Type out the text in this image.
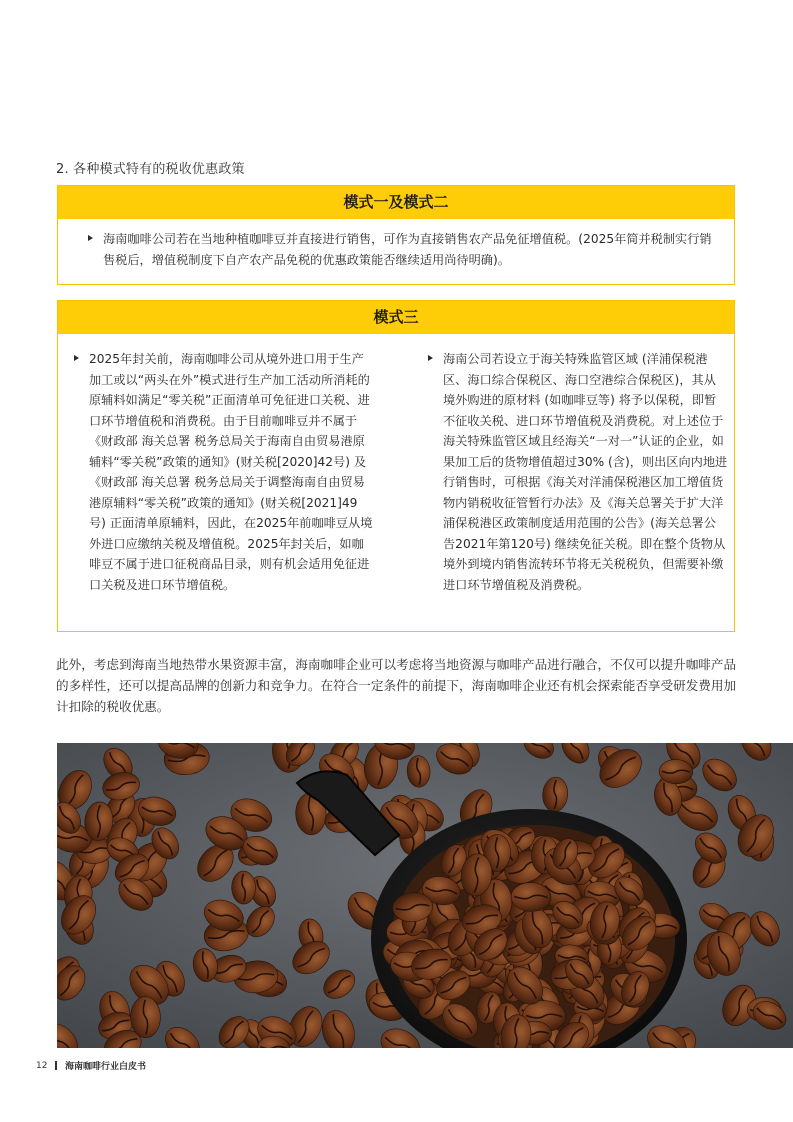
2. 各种模式特有的税收优惠政策
模式一及模式二
海南咖啡公司若在当地种植咖啡豆并直接进行销售，可作为直接销售农产品免征增值税。(2025年简并税制实行销售税后，增值税制度下自产农产品免税的优惠政策能否继续适用尚待明确)。
模式三
2025年封关前，海南咖啡公司从境外进口用于生产加工或以“两头在外”模式进行生产加工活动所消耗的原辅料如满足“零关税”正面清单可免征进口关税、进口环节增值税和消费税。由于目前咖啡豆并不属于《财政部 海关总署 税务总局关于海南自由贸易港原辅料“零关税”政策的通知》(财关税[2020]42号) 及《财政部 海关总署 税务总局关于调整海南自由贸易港原辅料“零关税”政策的通知》(财关税[2021]49号) 正面清单原辅料，因此，在2025年前咖啡豆从境外进口应缴纳关税及增值税。2025年封关后，如咖啡豆不属于进口征税商品目录，则有机会适用免征进口关税及进口环节增值税。
海南公司若设立于海关特殊监管区域 (洋浦保税港区、海口综合保税区、海口空港综合保税区)，其从境外购进的原材料 (如咖啡豆等) 将予以保税，即暂不征收关税、进口环节增值税及消费税。对上述位于海关特殊监管区域且经海关“一对一”认证的企业，如果加工后的货物增值超过30% (含)，则出区向内地进行销售时，可根据《海关对洋浦保税港区加工增值货物内销税收征管暂行办法》及《海关总署关于扩大洋浦保税港区政策制度适用范围的公告》(海关总署公告2021年第120号) 继续免征关税。即在整个货物从境外到境内销售流转环节将无关税税负，但需要补缴进口环节增值税及消费税。
此外，考虑到海南当地热带水果资源丰富，海南咖啡企业可以考虑将当地资源与咖啡产品进行融合，不仅可以提升咖啡产品的多样性，还可以提高品牌的创新力和竞争力。在符合一定条件的前提下，海南咖啡企业还有机会探索能否享受研发费用加计扣除的税收优惠。
12 海南咖啡行业白皮书
